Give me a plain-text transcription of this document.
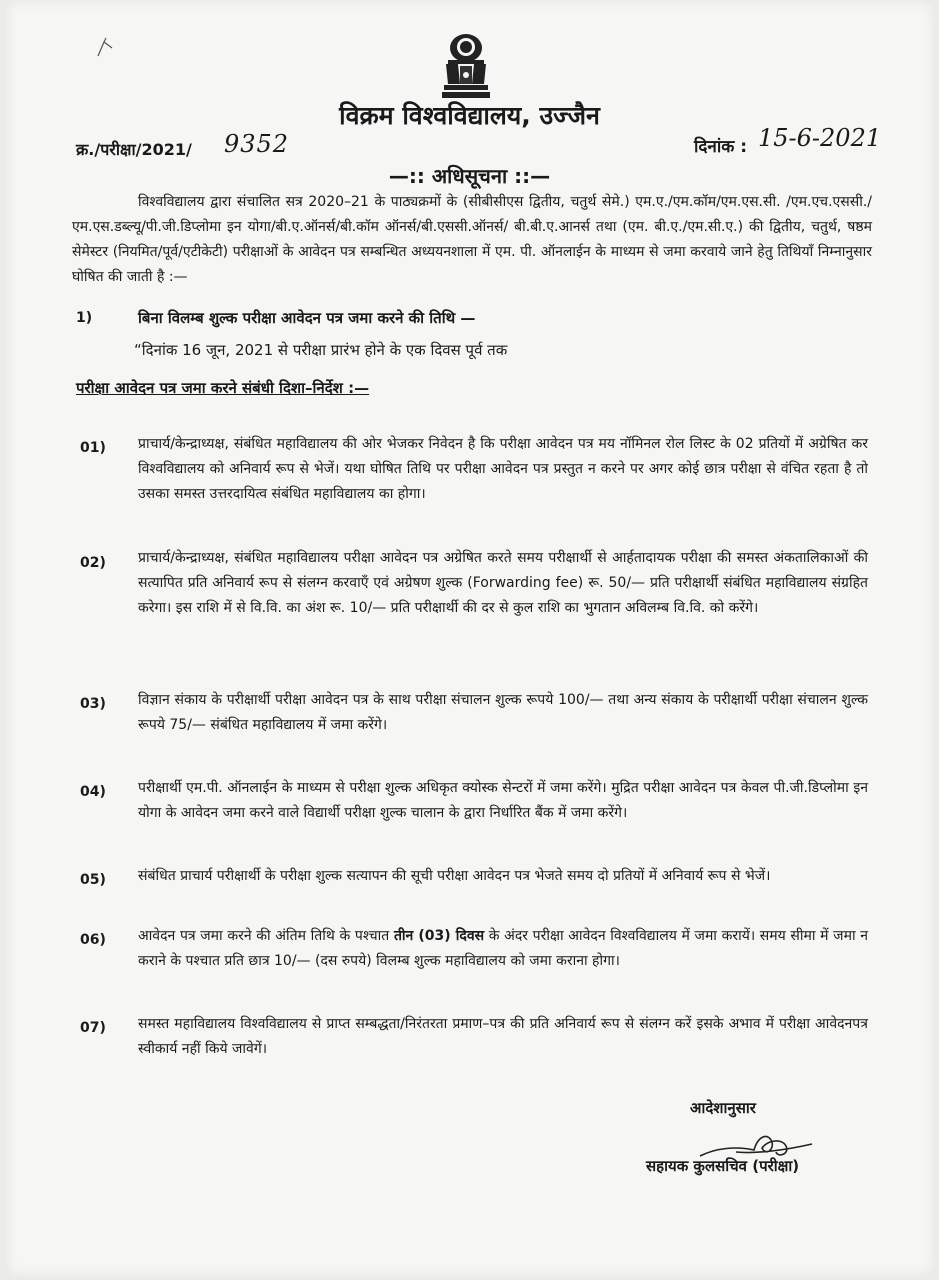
विक्रम विश्वविद्यालय, उज्जैन
क्र./परीक्षा/2021/ 9352	दिनांक : 15-6-2021
—:: अधिसूचना ::—
विश्वविद्यालय द्वारा संचालित सत्र 2020–21 के पाठ्यक्रमों के (सीबीसीएस द्वितीय, चतुर्थ सेमे.) एम.ए./एम.कॉम/एम.एस.सी. /एम.एच.एससी./एम.एस.डब्ल्यू/पी.जी.डिप्लोमा इन योगा/बी.ए.ऑनर्स/बी.कॉम ऑनर्स/बी.एससी.ऑनर्स/ बी.बी.ए.आनर्स तथा (एम. बी.ए./एम.सी.ए.) की द्वितीय, चतुर्थ, षष्ठम सेमेस्टर (नियमित/पूर्व/एटीकेटी) परीक्षाओं के आवेदन पत्र सम्बन्धित अध्ययनशाला में एम. पी. ऑनलाईन के माध्यम से जमा करवाये जाने हेतु तिथियाँ निम्नानुसार घोषित की जाती है :—
1)	बिना विलम्ब शुल्क परीक्षा आवेदन पत्र जमा करने की तिथि —
“दिनांक 16 जून, 2021 से परीक्षा प्रारंभ होने के एक दिवस पूर्व तक
परीक्षा आवेदन पत्र जमा करने संबंधी दिशा–निर्देश :—
01) प्राचार्य/केन्द्राध्यक्ष, संबंधित महाविद्यालय की ओर भेजकर निवेदन है कि परीक्षा आवेदन पत्र मय नॉमिनल रोल लिस्ट के 02 प्रतियों में अग्रेषित कर विश्वविद्यालय को अनिवार्य रूप से भेजें। यथा घोषित तिथि पर परीक्षा आवेदन पत्र प्रस्तुत न करने पर अगर कोई छात्र परीक्षा से वंचित रहता है तो उसका समस्त उत्तरदायित्व संबंधित महाविद्यालय का होगा।
02) प्राचार्य/केन्द्राध्यक्ष, संबंधित महाविद्यालय परीक्षा आवेदन पत्र अग्रेषित करते समय परीक्षार्थी से आर्हतादायक परीक्षा की समस्त अंकतालिकाओं की सत्यापित प्रति अनिवार्य रूप से संलग्न करवाएँ एवं अग्रेषण शुल्क (Forwarding fee) रू. 50/— प्रति परीक्षार्थी संबंधित महाविद्यालय संग्रहित करेगा। इस राशि में से वि.वि. का अंश रू. 10/— प्रति परीक्षार्थी की दर से कुल राशि का भुगतान अविलम्ब वि.वि. को करेंगे।
03) विज्ञान संकाय के परीक्षार्थी परीक्षा आवेदन पत्र के साथ परीक्षा संचालन शुल्क रूपये 100/— तथा अन्य संकाय के परीक्षार्थी परीक्षा संचालन शुल्क रूपये 75/— संबंधित महाविद्यालय में जमा करेंगे।
04) परीक्षार्थी एम.पी. ऑनलाईन के माध्यम से परीक्षा शुल्क अधिकृत क्योस्क सेन्टरों में जमा करेंगे। मुद्रित परीक्षा आवेदन पत्र केवल पी.जी.डिप्लोमा इन योगा के आवेदन जमा करने वाले विद्यार्थी परीक्षा शुल्क चालान के द्वारा निर्धारित बैंक में जमा करेंगे।
05) संबंधित प्राचार्य परीक्षार्थी के परीक्षा शुल्क सत्यापन की सूची परीक्षा आवेदन पत्र भेजते समय दो प्रतियों में अनिवार्य रूप से भेजें।
06) आवेदन पत्र जमा करने की अंतिम तिथि के पश्चात तीन (03) दिवस के अंदर परीक्षा आवेदन विश्वविद्यालय में जमा करायें। समय सीमा में जमा न कराने के पश्चात प्रति छात्र 10/— (दस रुपये) विलम्ब शुल्क महाविद्यालय को जमा कराना होगा।
07) समस्त महाविद्यालय विश्वविद्यालय से प्राप्त सम्बद्धता/निरंतरता प्रमाण–पत्र की प्रति अनिवार्य रूप से संलग्न करें इसके अभाव में परीक्षा आवेदनपत्र स्वीकार्य नहीं किये जावेगें।
आदेशानुसार
सहायक कुलसचिव (परीक्षा)
